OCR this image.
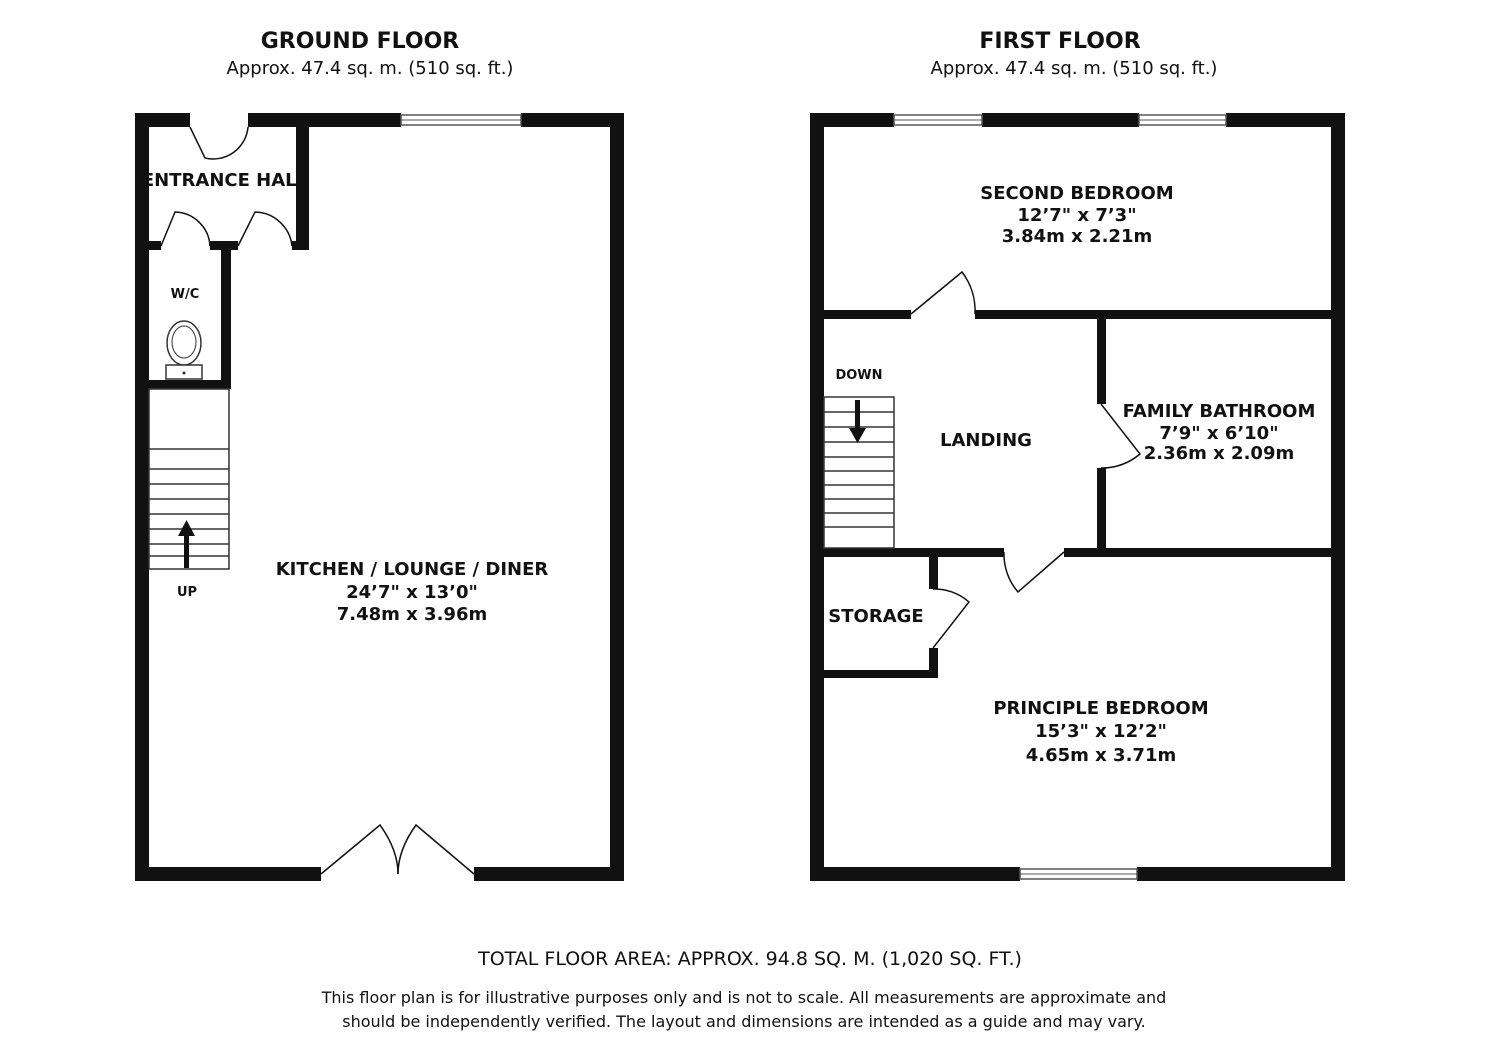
GROUND FLOOR
Approx. 47.4 sq. m. (510 sq. ft.)
ENTRANCE HALL
W/C
UP
KITCHEN / LOUNGE / DINER
24’7" x 13’0"
7.48m x 3.96m
FIRST FLOOR
Approx. 47.4 sq. m. (510 sq. ft.)
SECOND BEDROOM
12’7" x 7’3"
3.84m x 2.21m
DOWN
LANDING
FAMILY BATHROOM
7’9" x 6’10"
2.36m x 2.09m
STORAGE
PRINCIPLE BEDROOM
15’3" x 12’2"
4.65m x 3.71m
TOTAL FLOOR AREA: APPROX. 94.8 SQ. M. (1,020 SQ. FT.)
This floor plan is for illustrative purposes only and is not to scale. All measurements are approximate and
should be independently verified. The layout and dimensions are intended as a guide and may vary.
